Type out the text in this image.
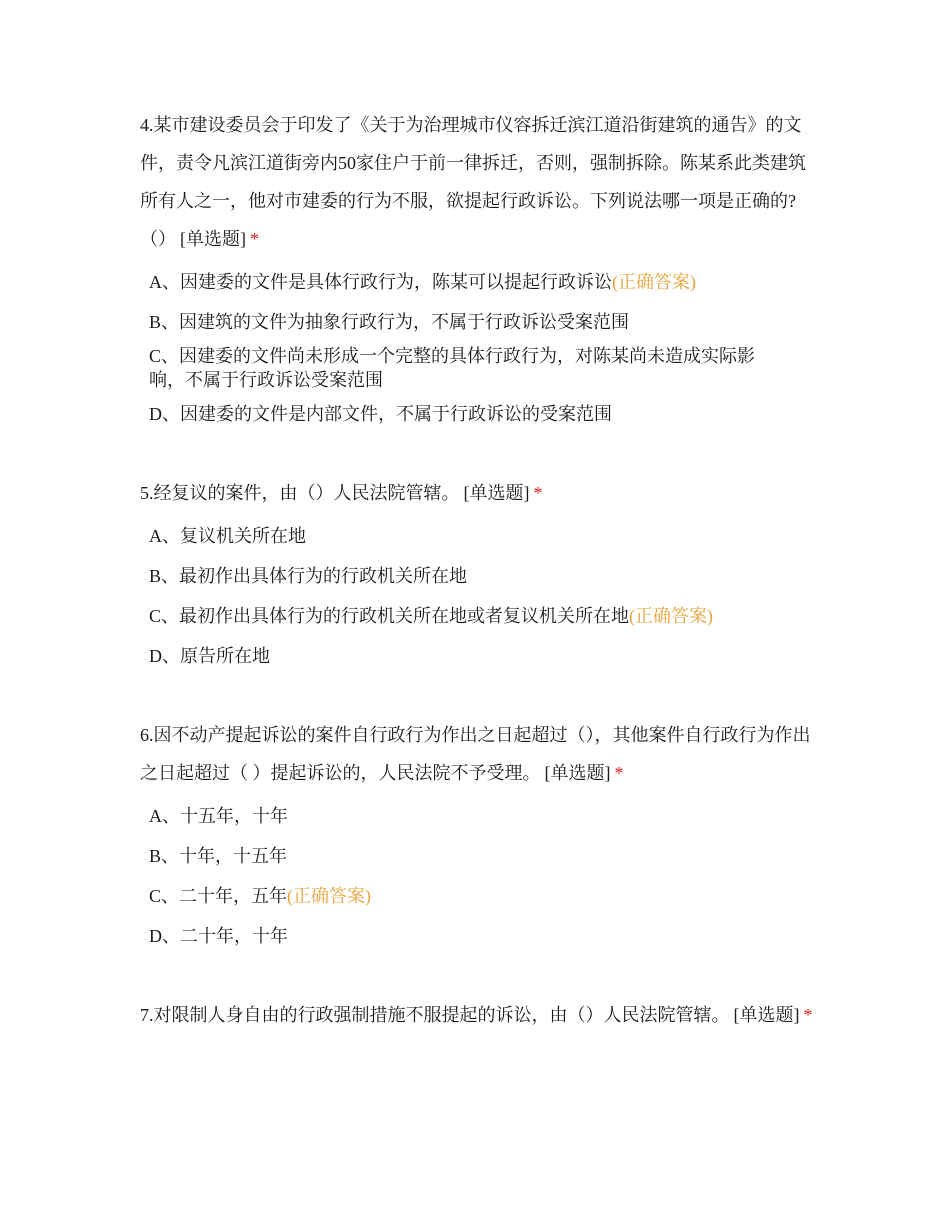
4.某市建设委员会于印发了《关于为治理城市仪容拆迁滨江道沿街建筑的通告》的文件，责令凡滨江道街旁内50家住户于前一律拆迁，否则，强制拆除。陈某系此类建筑所有人之一，他对市建委的行为不服，欲提起行政诉讼。下列说法哪一项是正确的?（） [单选题] *

A、因建委的文件是具体行政行为，陈某可以提起行政诉讼(正确答案)
B、因建筑的文件为抽象行政行为，不属于行政诉讼受案范围
C、因建委的文件尚未形成一个完整的具体行政行为，对陈某尚未造成实际影响，不属于行政诉讼受案范围
D、因建委的文件是内部文件，不属于行政诉讼的受案范围

5.经复议的案件，由（）人民法院管辖。 [单选题] *

A、复议机关所在地
B、最初作出具体行为的行政机关所在地
C、最初作出具体行为的行政机关所在地或者复议机关所在地(正确答案)
D、原告所在地

6.因不动产提起诉讼的案件自行政行为作出之日起超过（），其他案件自行政行为作出之日起超过（ ）提起诉讼的，人民法院不予受理。 [单选题] *

A、十五年，十年
B、十年，十五年
C、二十年，五年(正确答案)
D、二十年，十年

7.对限制人身自由的行政强制措施不服提起的诉讼，由（）人民法院管辖。 [单选题] *
